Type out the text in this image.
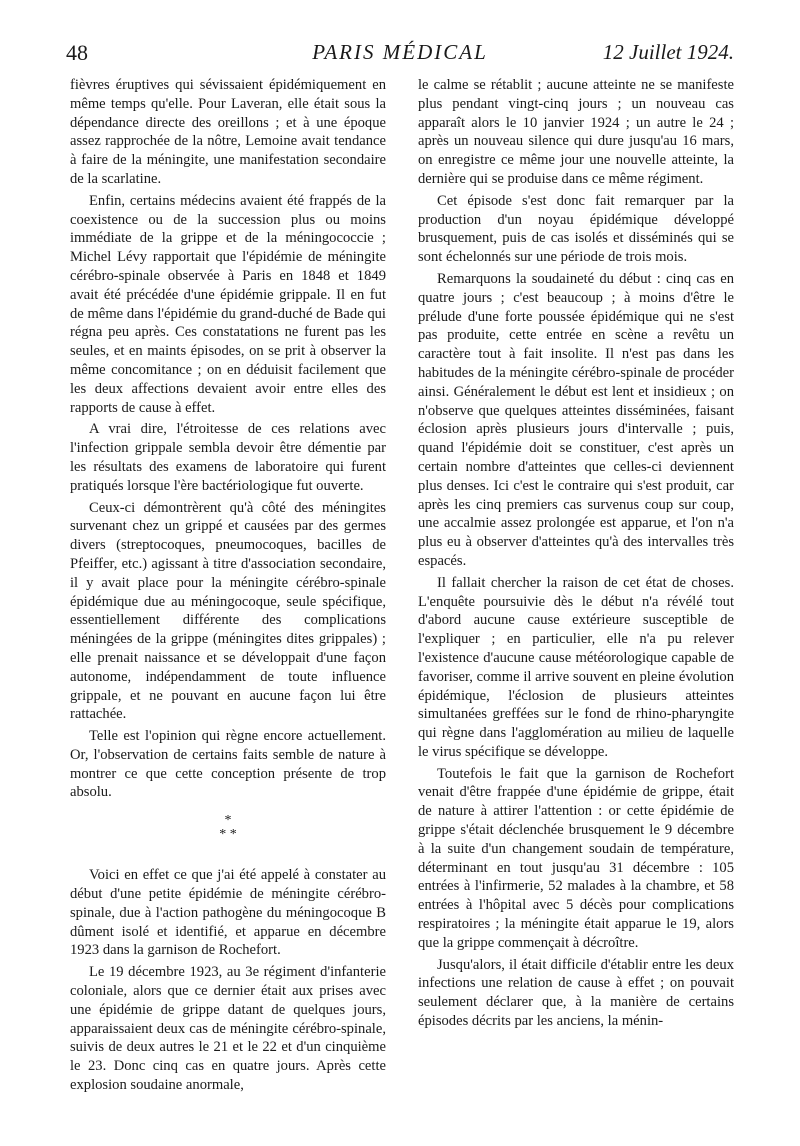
48	PARIS MÉDICAL	12 Juillet 1924.

fièvres éruptives qui sévissaient épidémiquement en même temps qu'elle. Pour Laveran, elle était sous la dépendance directe des oreillons ; et à une époque assez rapprochée de la nôtre, Lemoine avait tendance à faire de la méningite, une manifestation secondaire de la scarlatine.

Enfin, certains médecins avaient été frappés de la coexistence ou de la succession plus ou moins immédiate de la grippe et de la méningococcie ; Michel Lévy rapportait que l'épidémie de méningite cérébro-spinale observée à Paris en 1848 et 1849 avait été précédée d'une épidémie grippale. Il en fut de même dans l'épidémie du grand-duché de Bade qui régna peu après. Ces constatations ne furent pas les seules, et en maints épisodes, on se prit à observer la même concomitance ; on en déduisit facilement que les deux affections devaient avoir entre elles des rapports de cause à effet.

A vrai dire, l'étroitesse de ces relations avec l'infection grippale sembla devoir être démentie par les résultats des examens de laboratoire qui furent pratiqués lorsque l'ère bactériologique fut ouverte.

Ceux-ci démontrèrent qu'à côté des méningites survenant chez un grippé et causées par des germes divers (streptocoques, pneumocoques, bacilles de Pfeiffer, etc.) agissant à titre d'association secondaire, il y avait place pour la méningite cérébro-spinale épidémique due au méningocoque, seule spécifique, essentiellement différente des complications méningées de la grippe (méningites dites grippales) ; elle prenait naissance et se développait d'une façon autonome, indépendamment de toute influence grippale, et ne pouvant en aucune façon lui être rattachée.

Telle est l'opinion qui règne encore actuellement. Or, l'observation de certains faits semble de nature à montrer ce que cette conception présente de trop absolu.

*
* *

Voici en effet ce que j'ai été appelé à constater au début d'une petite épidémie de méningite cérébro-spinale, due à l'action pathogène du méningocoque B dûment isolé et identifié, et apparue en décembre 1923 dans la garnison de Rochefort.

Le 19 décembre 1923, au 3e régiment d'infanterie coloniale, alors que ce dernier était aux prises avec une épidémie de grippe datant de quelques jours, apparaissaient deux cas de méningite cérébro-spinale, suivis de deux autres le 21 et le 22 et d'un cinquième le 23. Donc cinq cas en quatre jours. Après cette explosion soudaine anormale,

le calme se rétablit ; aucune atteinte ne se manifeste plus pendant vingt-cinq jours ; un nouveau cas apparaît alors le 10 janvier 1924 ; un autre le 24 ; après un nouveau silence qui dure jusqu'au 16 mars, on enregistre ce même jour une nouvelle atteinte, la dernière qui se produise dans ce même régiment.

Cet épisode s'est donc fait remarquer par la production d'un noyau épidémique développé brusquement, puis de cas isolés et disséminés qui se sont échelonnés sur une période de trois mois.

Remarquons la soudaineté du début : cinq cas en quatre jours ; c'est beaucoup ; à moins d'être le prélude d'une forte poussée épidémique qui ne s'est pas produite, cette entrée en scène a revêtu un caractère tout à fait insolite. Il n'est pas dans les habitudes de la méningite cérébro-spinale de procéder ainsi. Généralement le début est lent et insidieux ; on n'observe que quelques atteintes disséminées, faisant éclosion après plusieurs jours d'intervalle ; puis, quand l'épidémie doit se constituer, c'est après un certain nombre d'atteintes que celles-ci deviennent plus denses. Ici c'est le contraire qui s'est produit, car après les cinq premiers cas survenus coup sur coup, une accalmie assez prolongée est apparue, et l'on n'a plus eu à observer d'atteintes qu'à des intervalles très espacés.

Il fallait chercher la raison de cet état de choses. L'enquête poursuivie dès le début n'a révélé tout d'abord aucune cause extérieure susceptible de l'expliquer ; en particulier, elle n'a pu relever l'existence d'aucune cause météorologique capable de favoriser, comme il arrive souvent en pleine évolution épidémique, l'éclosion de plusieurs atteintes simultanées greffées sur le fond de rhino-pharyngite qui règne dans l'agglomération au milieu de laquelle le virus spécifique se développe.

Toutefois le fait que la garnison de Rochefort venait d'être frappée d'une épidémie de grippe, était de nature à attirer l'attention : or cette épidémie de grippe s'était déclenchée brusquement le 9 décembre à la suite d'un changement soudain de température, déterminant en tout jusqu'au 31 décembre : 105 entrées à l'infirmerie, 52 malades à la chambre, et 58 entrées à l'hôpital avec 5 décès pour complications respiratoires ; la méningite était apparue le 19, alors que la grippe commençait à décroître.

Jusqu'alors, il était difficile d'établir entre les deux infections une relation de cause à effet ; on pouvait seulement déclarer que, à la manière de certains épisodes décrits par les anciens, la ménin-
